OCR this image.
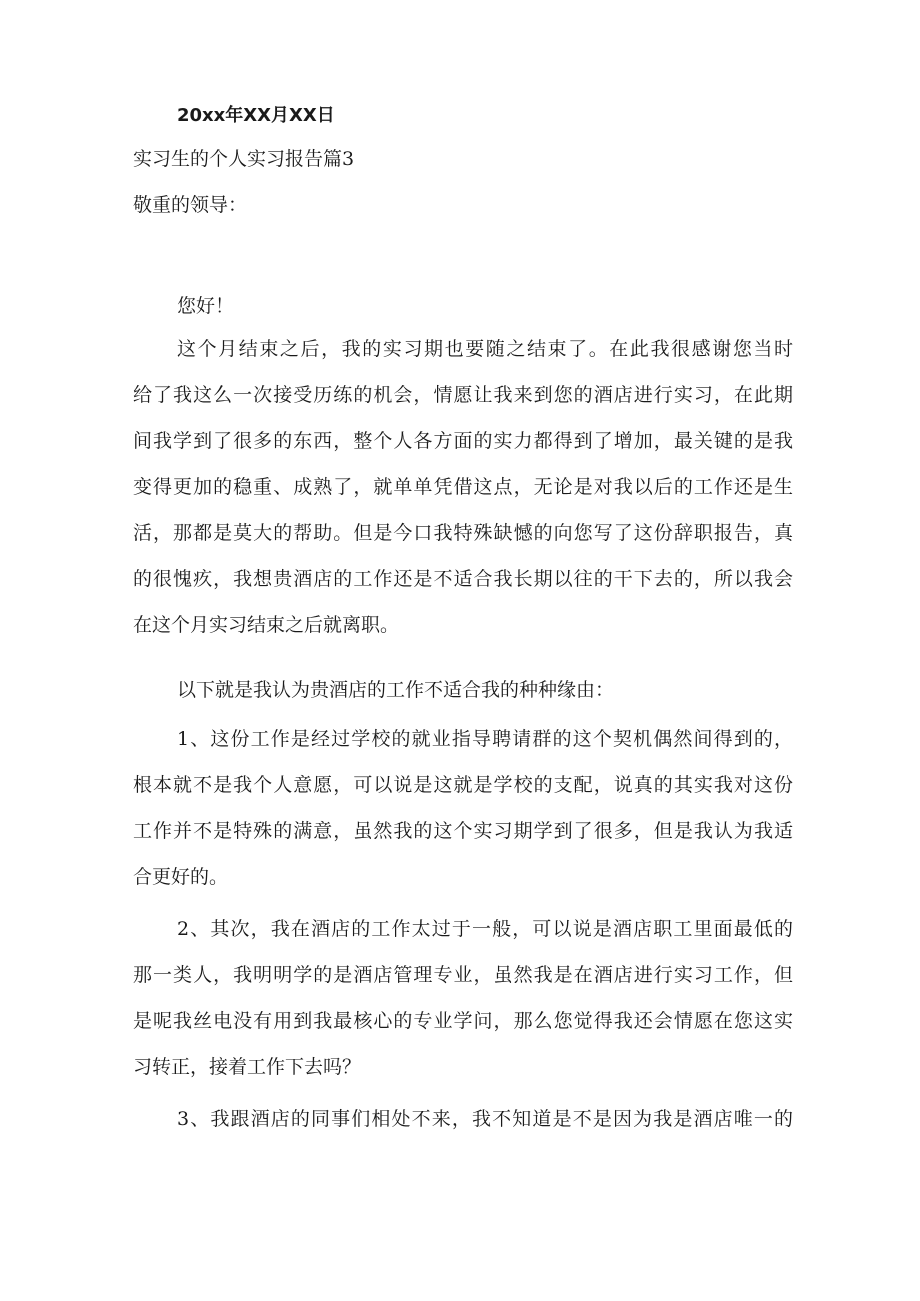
20xx年XX月XX日
实习生的个人实习报告篇3
敬重的领导：
您好！
这个月结束之后，我的实习期也要随之结束了。在此我很感谢您当时
给了我这么一次接受历练的机会，情愿让我来到您的酒店进行实习，在此期
间我学到了很多的东西，整个人各方面的实力都得到了增加，最关键的是我
变得更加的稳重、成熟了，就单单凭借这点，无论是对我以后的工作还是生
活，那都是莫大的帮助。但是今口我特殊缺憾的向您写了这份辞职报告，真
的很愧疚，我想贵酒店的工作还是不适合我长期以往的干下去的，所以我会
在这个月实习结束之后就离职。
以下就是我认为贵酒店的工作不适合我的种种缘由：
1、这份工作是经过学校的就业指导聘请群的这个契机偶然间得到的，
根本就不是我个人意愿，可以说是这就是学校的支配，说真的其实我对这份
工作并不是特殊的满意，虽然我的这个实习期学到了很多，但是我认为我适
合更好的。
2、其次，我在酒店的工作太过于一般，可以说是酒店职工里面最低的
那一类人，我明明学的是酒店管理专业，虽然我是在酒店进行实习工作，但
是呢我丝电没有用到我最核心的专业学问，那么您觉得我还会情愿在您这实
习转正，接着工作下去吗？
3、我跟酒店的同事们相处不来，我不知道是不是因为我是酒店唯一的
